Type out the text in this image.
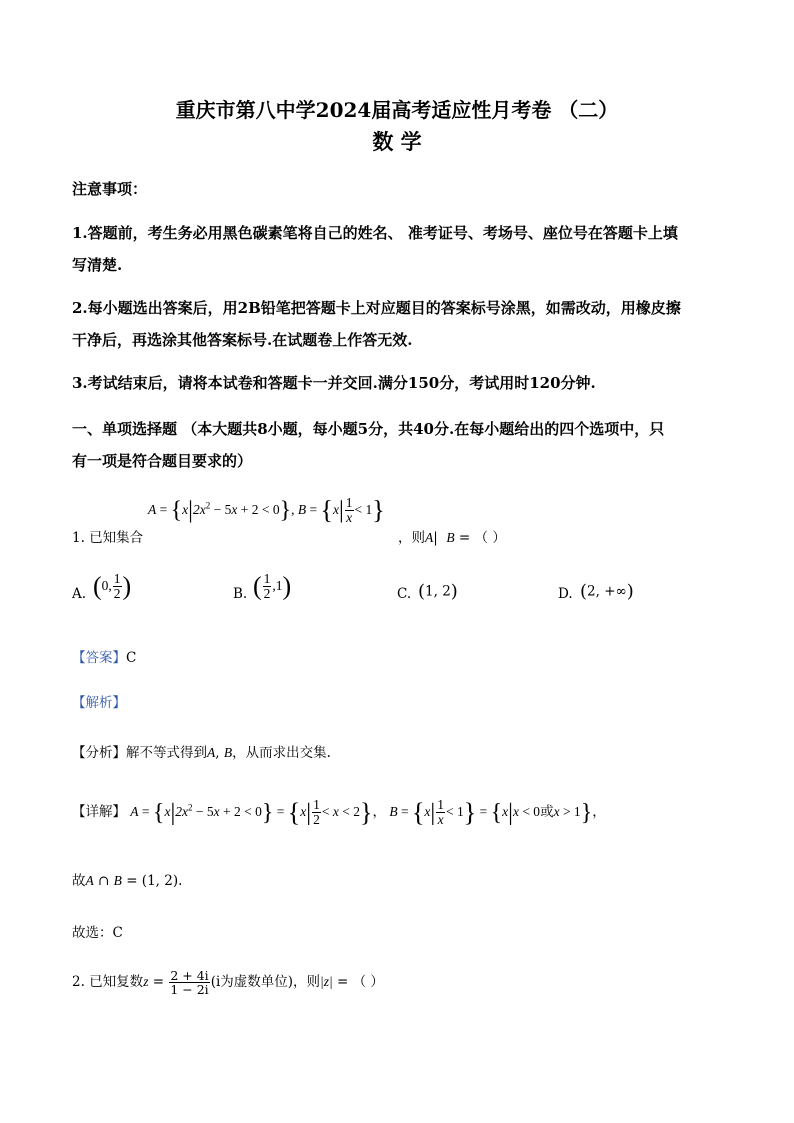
重庆市第八中学2024届高考适应性月考卷 （二）
数 学
注意事项：
1.答题前，考生务必用黑色碳素笔将自己的姓名、 准考证号、考场号、座位号在答题卡上填
写清楚.
2.每小题选出答案后，用2B铅笔把答题卡上对应题目的答案标号涂黑，如需改动，用橡皮擦
干净后，再选涂其他答案标号.在试题卷上作答无效.
3.考试结束后，请将本试卷和答题卡一并交回.满分150分，考试用时120分钟.
一、单项选择题 （本大题共8小题，每小题5分，共40分.在每小题给出的四个选项中，只
有一项是符合题目要求的）
1. 已知集合
$A = \{x|2x^2 - 5x + 2 < 0\}$, $B = \{x| \frac{1}{x} < 1\}$
，则A|  B = （ ）
A. (0, $\frac{1}{2}$ )	B. ( $\frac{1}{2} ,1$)	C. (1, 2)	D. (2, +∞)
【答案】C
【解析】
【分析】解不等式得到A, B，从而求出交集.
【详解】 $A = \{x|2x^2 - 5x + 2 < 0\} = \{x| \frac{1}{2} < x < 2\}$， $B = \{x| \frac{1}{x} < 1\} = \{x|x < 0$或x > 1}，
故A ∩ B = (1, 2).
故选：C
2. 已知复数$z = \frac{2 + 4i}{1 - 2i} (i$为虚数单位)，则|z| = （ ）
